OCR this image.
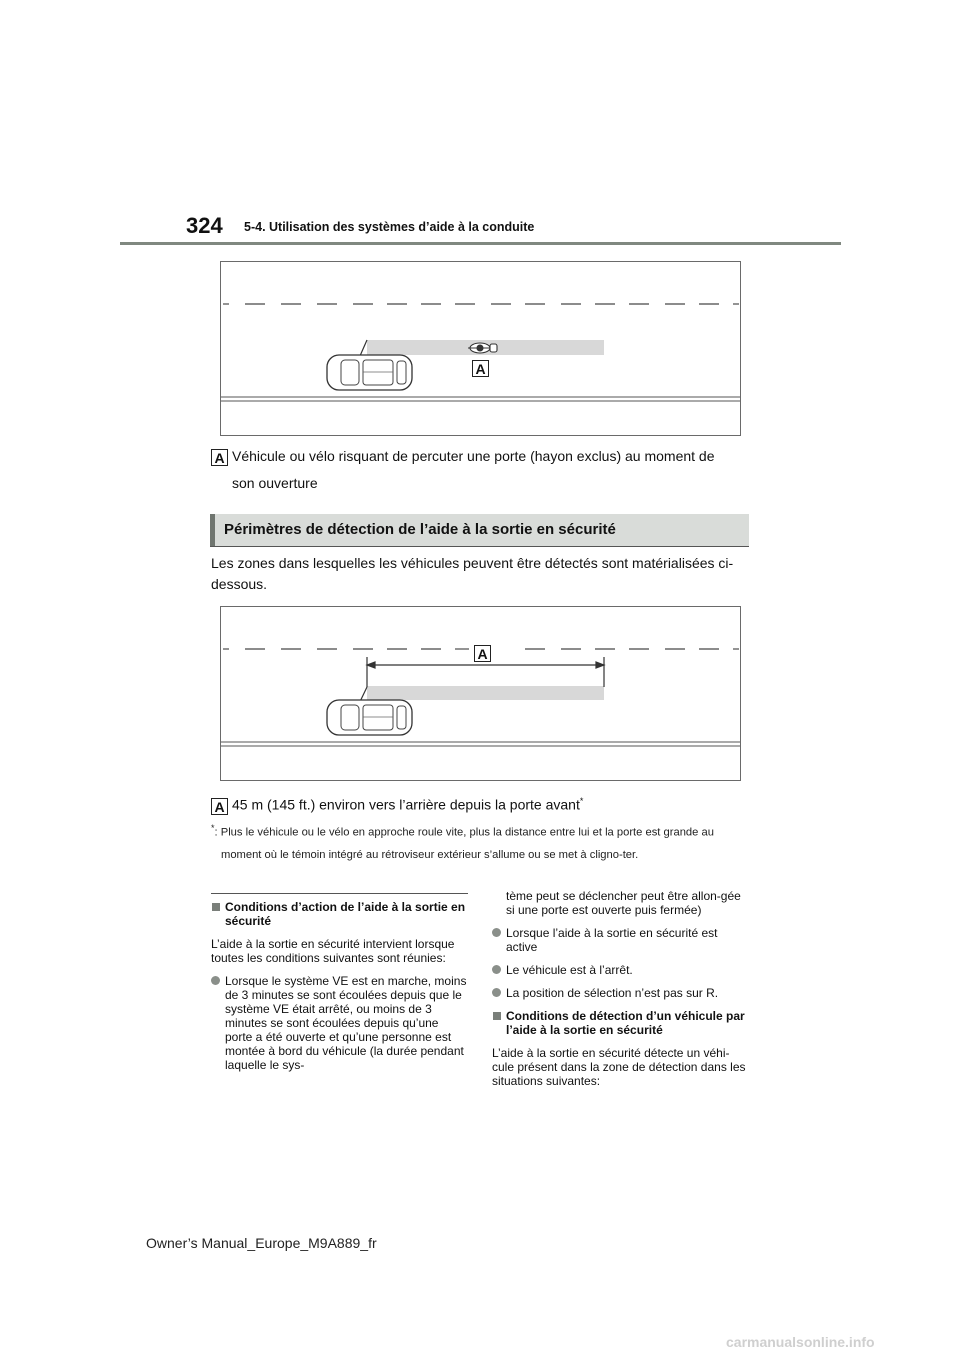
324 5-4. Utilisation des systèmes d’aide à la conduite
A
A Véhicule ou vélo risquant de percuter une porte (hayon exclus) au moment de
son ouverture
Périmètres de détection de l’aide à la sortie en sécurité
Les zones dans lesquelles les véhicules peuvent être détectés sont matérialisées ci-dessous.
A
A 45 m (145 ft.) environ vers l’arrière depuis la porte avant*
*: Plus le véhicule ou le vélo en approche roule vite, plus la distance entre lui et la porte est grande au moment où le témoin intégré au rétroviseur extérieur s’allume ou se met à cligno-ter.

Conditions d’action de l’aide à la sortie en sécurité

L’aide à la sortie en sécurité intervient lorsque toutes les conditions suivantes sont réunies:

Lorsque le système VE est en marche, moins de 3 minutes se sont écoulées depuis que le système VE était arrêté, ou moins de 3 minutes se sont écoulées depuis qu’une porte a été ouverte et qu’une personne est montée à bord du véhicule (la durée pendant laquelle le sys-

tème peut se déclencher peut être allon-gée si une porte est ouverte puis fermée)

Lorsque l’aide à la sortie en sécurité est active

Le véhicule est à l’arrêt.

La position de sélection n’est pas sur R.

Conditions de détection d’un véhicule par l’aide à la sortie en sécurité

L’aide à la sortie en sécurité détecte un véhi-cule présent dans la zone de détection dans les situations suivantes:

Owner’s Manual_Europe_M9A889_fr
carmanualsonline.info
